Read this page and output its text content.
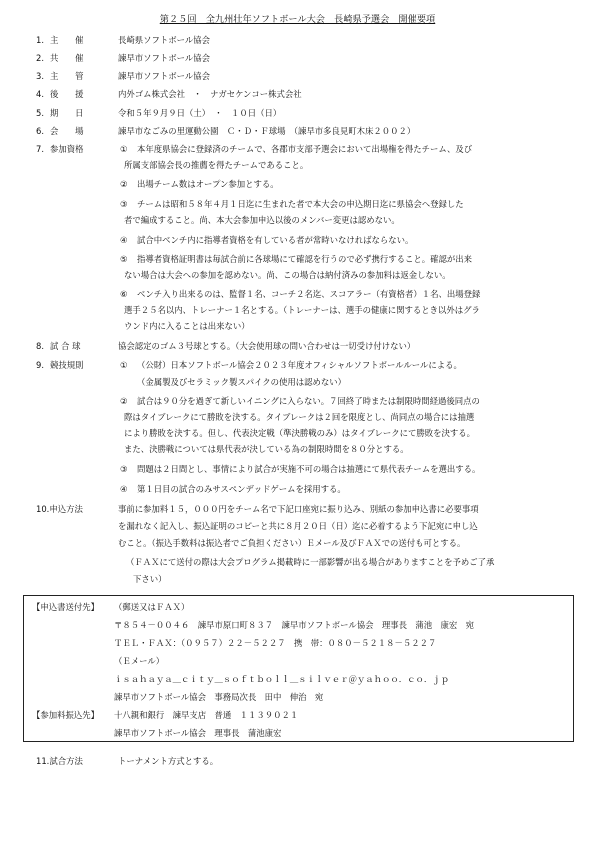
第２５回　全九州壮年ソフトボール大会　長崎県予選会　開催要項
1. 主　　催	長崎県ソフトボール協会
2. 共　　催	諫早市ソフトボール協会
3. 主　　管	諫早市ソフトボール協会
4. 後　　援	内外ゴム株式会社　・　ナガセケンコー株式会社
5. 期　　日	令和５年９月９日（土）　・　１０日（日）
6. 会　　場	諫早市なごみの里運動公園　Ｃ・Ｄ・Ｆ球場　（諫早市多良見町木床２００２）
7. 参加資格	① 本年度県協会に登録済のチームで、各郡市支部予選会において出場権を得たチーム、及び
所属支部協会長の推薦を得たチームであること。
② 出場チーム数はオープン参加とする。
③ チームは昭和５８年４月１日迄に生まれた者で本大会の申込期日迄に県協会へ登録した
者で編成すること。尚、本大会参加申込以後のメンバー変更は認めない。
④ 試合中ベンチ内に指導者資格を有している者が常時いなければならない。
⑤ 指導者資格証明書は毎試合前に各球場にて確認を行うので必ず携行すること。確認が出来
ない場合は大会への参加を認めない。尚、この場合は納付済みの参加料は返金しない。
⑥ ベンチ入り出来るのは、監督１名、コーチ２名迄、スコアラー（有資格者）１名、出場登録
選手２５名以内、トレーナー１名とする。（トレーナーは、選手の健康に関するとき以外はグラ
ウンド内に入ることは出来ない）
8. 試 合 球	協会認定のゴム３号球とする。（大会使用球の問い合わせは一切受け付けない）
9. 競技規則	① （公財）日本ソフトボール協会２０２３年度オフィシャルソフトボールルールによる。
（金属製及びセラミック製スパイクの使用は認めない）
② 試合は９０分を過ぎて新しいイニングに入らない。７回終了時または制限時間経過後同点の
際はタイブレークにて勝敗を決する。タイブレークは２回を限度とし、尚同点の場合には抽選
により勝敗を決する。但し、代表決定戦（準決勝戦のみ）はタイブレークにて勝敗を決する。
また、決勝戦については県代表が決している為の制限時間を８０分とする。
③ 問題は２日間とし、事情により試合が実施不可の場合は抽選にて県代表チームを選出する。
④ 第１日目の試合のみサスペンデッドゲームを採用する。
10.申込方法	事前に参加料１５，０００円をチーム名で下記口座宛に振り込み、別紙の参加申込書に必要事項
を漏れなく記入し、振込証明のコピーと共に８月２０日（日）迄に必着するよう下記宛に申し込
むこと。（振込手数料は振込者でご負担ください）Ｅメール及びＦＡＸでの送付も可とする。
（ＦＡＸにて送付の際は大会プログラム掲載時に一部影響が出る場合がありますことを予めご了承
下さい）
【申込書送付先】 （郵送又はＦＡＸ）
〒８５４－００４６　諫早市原口町８３７　諫早市ソフトボール協会　理事長　蒲池　康宏　宛
ＴＥＬ・ＦＡＸ：（０９５７）２２－５２２７　携　帯：０８０－５２１８－５２２７
（Ｅメール）
ｉｓａｈａｙａ＿ｃｉｔｙ＿ｓｏｆｔｂｏｌｌ＿ｓｉｌｖｅｒ＠ｙａｈｏｏ．ｃｏ．ｊｐ
諫早市ソフトボール協会　事務局次長　田中　伸治　宛
【参加料振込先】 十八親和銀行　諫早支店　普通　１１３９０２１
諫早市ソフトボール協会　理事長　蒲池康宏
11.試合方法	トーナメント方式とする。
